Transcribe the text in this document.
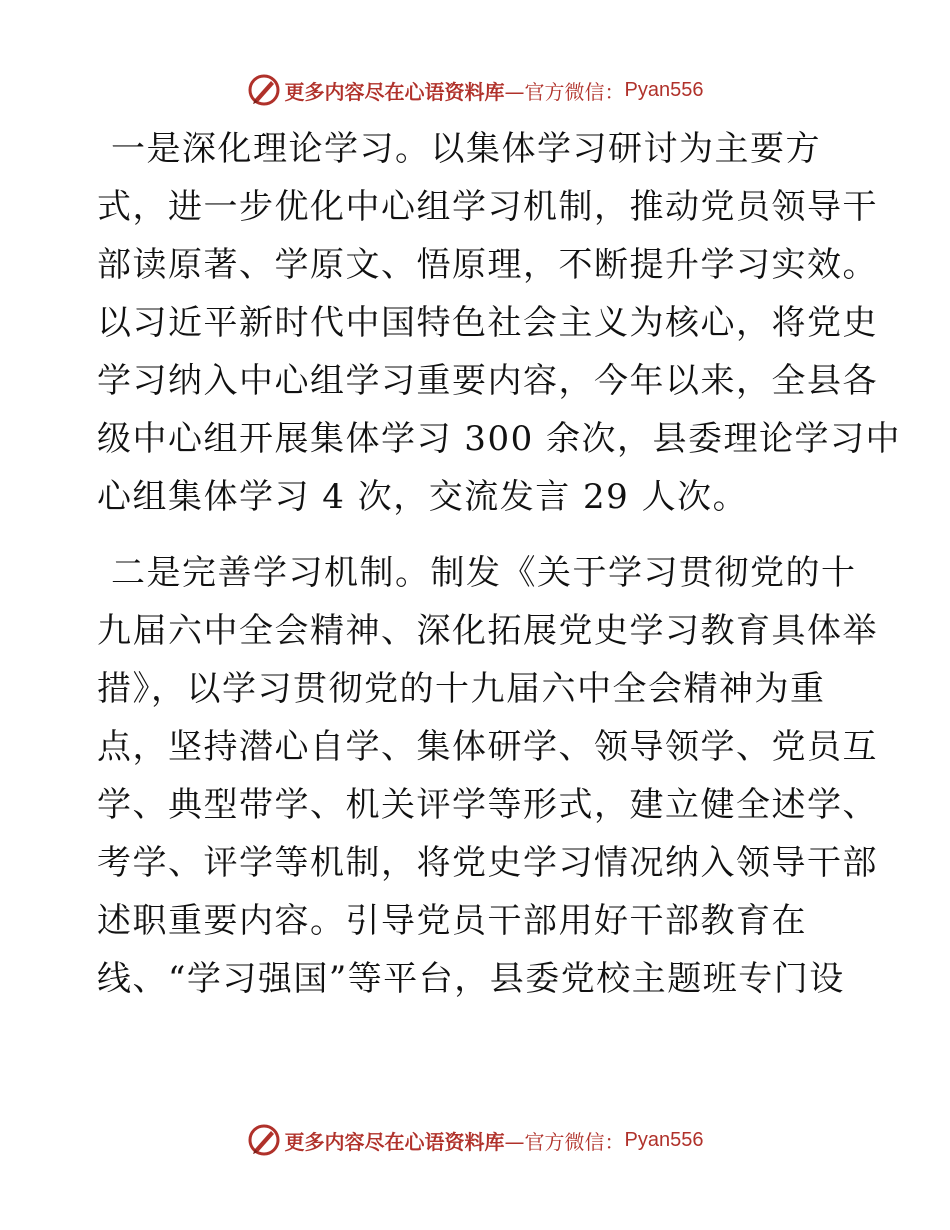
更多内容尽在心语资料库 —官方微信： Pyan556
一是深化理论学习。以集体学习研讨为主要方
式，进一步优化中心组学习机制，推动党员领导干
部读原著、学原文、悟原理，不断提升学习实效。
以习近平新时代中国特色社会主义为核心，将党史
学习纳入中心组学习重要内容，今年以来，全县各
级中心组开展集体学习 300 余次，县委理论学习中
心组集体学习 4 次，交流发言 29 人次。
二是完善学习机制。制发《关于学习贯彻党的十
九届六中全会精神、深化拓展党史学习教育具体举
措》，以学习贯彻党的十九届六中全会精神为重
点，坚持潜心自学、集体研学、领导领学、党员互
学、典型带学、机关评学等形式，建立健全述学、
考学、评学等机制，将党史学习情况纳入领导干部
述职重要内容。引导党员干部用好干部教育在
线、“学习强国”等平台，县委党校主题班专门设
更多内容尽在心语资料库 —官方微信： Pyan556
